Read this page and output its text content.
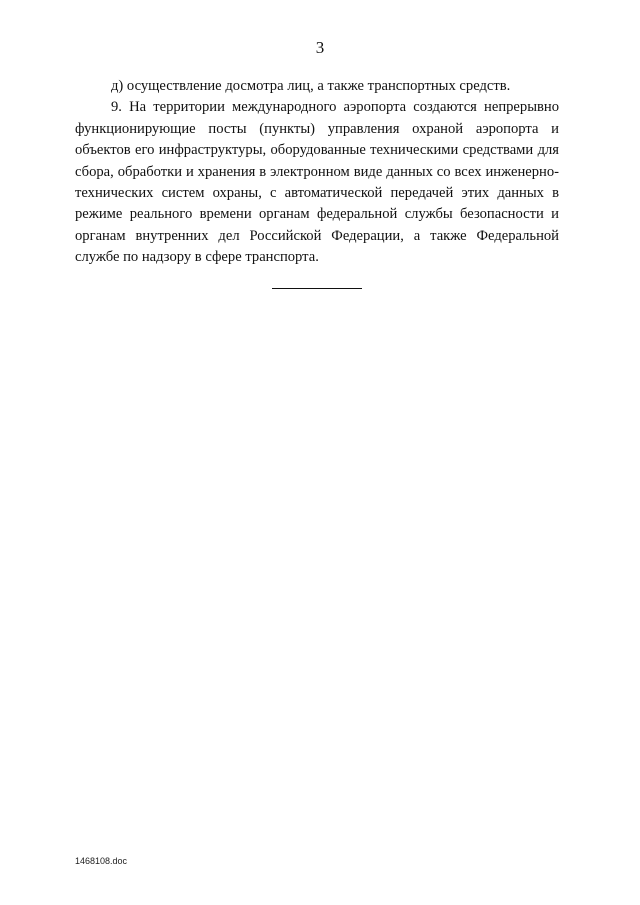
3

д) осуществление досмотра лиц, а также транспортных средств.

9. На территории международного аэропорта создаются непрерывно функционирующие посты (пункты) управления охраной аэропорта и объектов его инфраструктуры, оборудованные техническими средствами для сбора, обработки и хранения в электронном виде данных со всех инженерно-технических систем охраны, с автоматической передачей этих данных в режиме реального времени органам федеральной службы безопасности и органам внутренних дел Российской Федерации, а также Федеральной службе по надзору в сфере транспорта.

1468108.doc
